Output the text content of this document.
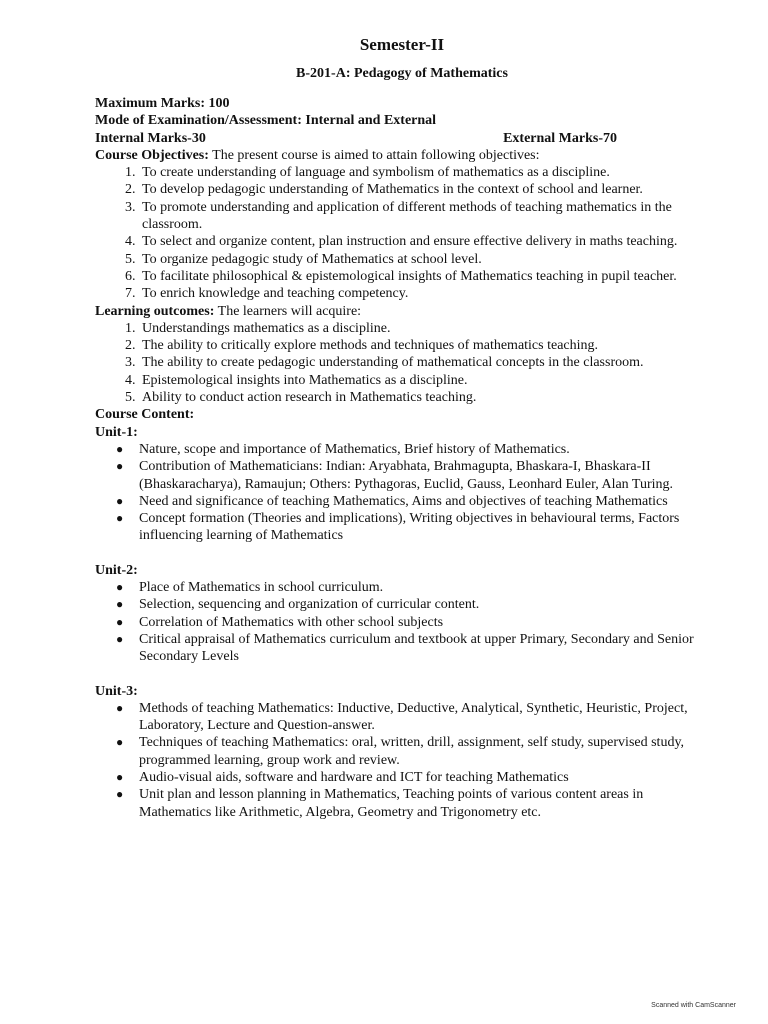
Semester-II
B-201-A: Pedagogy of Mathematics
Maximum Marks: 100
Mode of Examination/Assessment: Internal and External
Internal Marks-30	External Marks-70
Course Objectives: The present course is aimed to attain following objectives:
1. To create understanding of language and symbolism of mathematics as a discipline.
2. To develop pedagogic understanding of Mathematics in the context of school and learner.
3. To promote understanding and application of different methods of teaching mathematics in the classroom.
4. To select and organize content, plan instruction and ensure effective delivery in maths teaching.
5. To organize pedagogic study of Mathematics at school level.
6. To facilitate philosophical & epistemological insights of Mathematics teaching in pupil teacher.
7. To enrich knowledge and teaching competency.
Learning outcomes: The learners will acquire:
1. Understandings mathematics as a discipline.
2. The ability to critically explore methods and techniques of mathematics teaching.
3. The ability to create pedagogic understanding of mathematical concepts in the classroom.
4. Epistemological insights into Mathematics as a discipline.
5. Ability to conduct action research in Mathematics teaching.
Course Content:
Unit-1:
● Nature, scope and importance of Mathematics, Brief history of Mathematics.
● Contribution of Mathematicians: Indian: Aryabhata, Brahmagupta, Bhaskara-I, Bhaskara-II (Bhaskaracharya), Ramaujun; Others: Pythagoras, Euclid, Gauss, Leonhard Euler, Alan Turing.
● Need and significance of teaching Mathematics, Aims and objectives of teaching Mathematics
● Concept formation (Theories and implications), Writing objectives in behavioural terms, Factors influencing learning of Mathematics
Unit-2:
● Place of Mathematics in school curriculum.
● Selection, sequencing and organization of curricular content.
● Correlation of Mathematics with other school subjects
● Critical appraisal of Mathematics curriculum and textbook at upper Primary, Secondary and Senior Secondary Levels
Unit-3:
● Methods of teaching Mathematics: Inductive, Deductive, Analytical, Synthetic, Heuristic, Project, Laboratory, Lecture and Question-answer.
● Techniques of teaching Mathematics: oral, written, drill, assignment, self study, supervised study, programmed learning, group work and review.
● Audio-visual aids, software and hardware and ICT for teaching Mathematics
● Unit plan and lesson planning in Mathematics, Teaching points of various content areas in Mathematics like Arithmetic, Algebra, Geometry and Trigonometry etc.
Scanned with CamScanner
